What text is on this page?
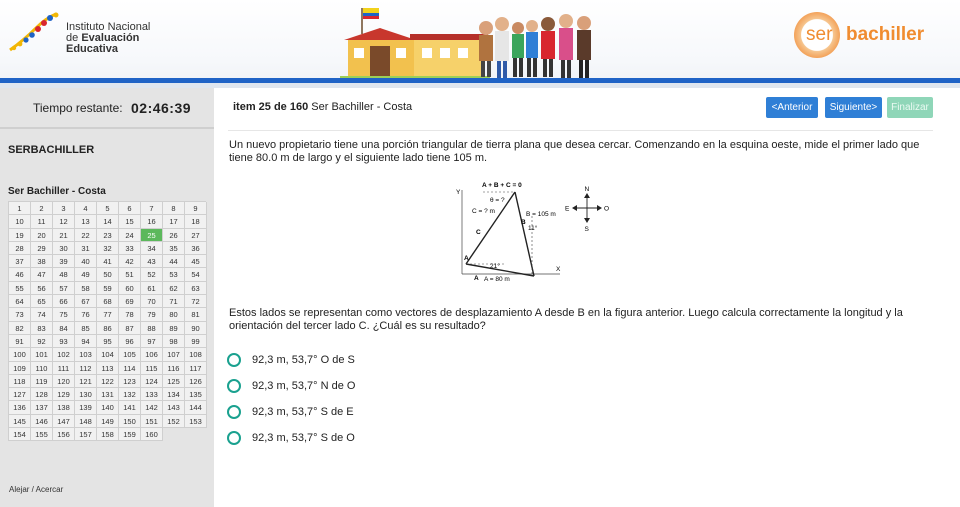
Instituto Nacional
de Evaluación
Educativa
ser bachiller
Tiempo restante: 02:46:39
SERBACHILLER
Ser Bachiller - Costa
1	2	3	4	5	6	7	8	9
10	11	12	13	14	15	16	17	18
19	20	21	22	23	24	25	26	27
28	29	30	31	32	33	34	35	36
37	38	39	40	41	42	43	44	45
46	47	48	49	50	51	52	53	54
55	56	57	58	59	60	61	62	63
64	65	66	67	68	69	70	71	72
73	74	75	76	77	78	79	80	81
82	83	84	85	86	87	88	89	90
91	92	93	94	95	96	97	98	99
100	101	102	103	104	105	106	107	108
109	110	111	112	113	114	115	116	117
118	119	120	121	122	123	124	125	126
127	128	129	130	131	132	133	134	135
136	137	138	139	140	141	142	143	144
145	146	147	148	149	150	151	152	153
154	155	156	157	158	159	160
Alejar / Acercar
item 25 de 160 Ser Bachiller - Costa	<Anterior	Siguiente>	Finalizar
Un nuevo propietario tiene una porción triangular de tierra plana que desea cercar. Comenzando en la esquina oeste, mide el primer lado que tiene 80.0 m de largo y el siguiente lado tiene 105 m.
Y
X
A + B + C = 0
θ = ?
C = ? m
C
B
B = 105 m
11°
21°
A
A A = 80 m
N
S
E	O
Estos lados se representan como vectores de desplazamiento A desde B en la figura anterior. Luego calcula correctamente la longitud y la orientación del tercer lado C. ¿Cuál es su resultado?
92,3 m, 53,7° O de S
92,3 m, 53,7° N de O
92,3 m, 53,7° S de E
92,3 m, 53,7° S de O
